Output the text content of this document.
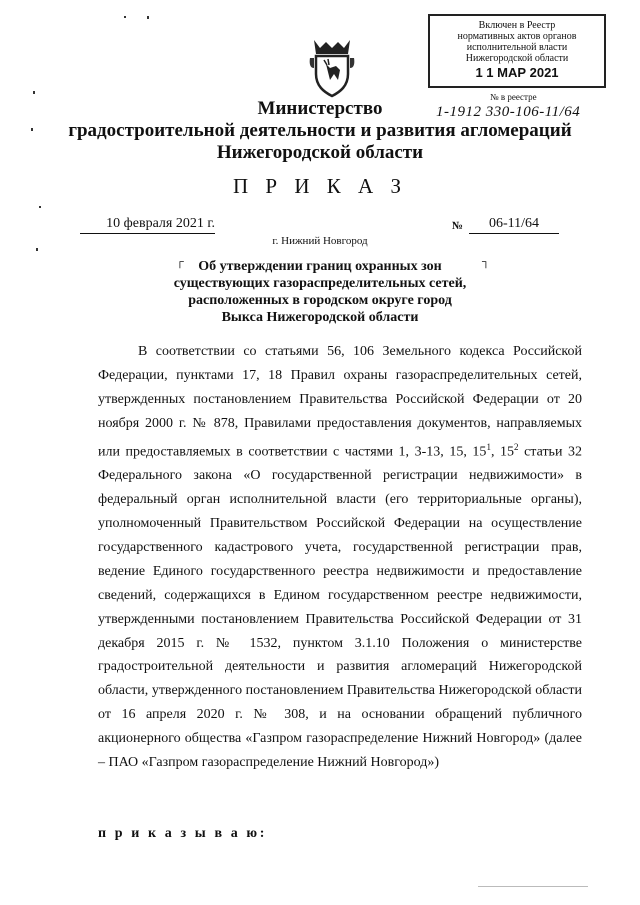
Включен в Реестр
нормативных актов органов
исполнительной власти
Нижегородской области
1 1 МАР 2021
№ в реестре
1-1912 330-106-11/64
Министерство
градостроительной деятельности и развития агломераций
Нижегородской области
П Р И К А З
10 февраля 2021 г.	№	06-11/64
г. Нижний Новгород
┌	┐
Об утверждении границ охранных зон
существующих газораспределительных сетей,
расположенных в городском округе город
Выкса Нижегородской области
В соответствии со статьями 56, 106 Земельного кодекса Российской Федерации, пунктами 17, 18 Правил охраны газораспределительных сетей, утвержденных постановлением Правительства Российской Федерации от 20 ноября 2000 г. № 878, Правилами предоставления документов, направляемых или предоставляемых в соответствии с частями 1, 3-13, 15, $15^1$, $15^2$ статьи 32 Федерального закона «О государственной регистрации недвижимости» в федеральный орган исполнительной власти (его территориальные органы), уполномоченный Правительством Российской Федерации на осуществление государственного кадастрового учета, государственной регистрации прав, ведение Единого государственного реестра недвижимости и предоставление сведений, содержащихся в Едином государственном реестре недвижимости, утвержденными постановлением Правительства Российской Федерации от 31 декабря 2015 г. № 1532, пунктом 3.1.10 Положения о министерстве градостроительной деятельности и развития агломераций Нижегородской области, утвержденного постановлением Правительства Нижегородской области от 16 апреля 2020 г. № 308, и на основании обращений публичного акционерного общества «Газпром газораспределение Нижний Новгород» (далее – ПАО «Газпром газораспределение Нижний Новгород»)
п р и к а з ы в а ю:
